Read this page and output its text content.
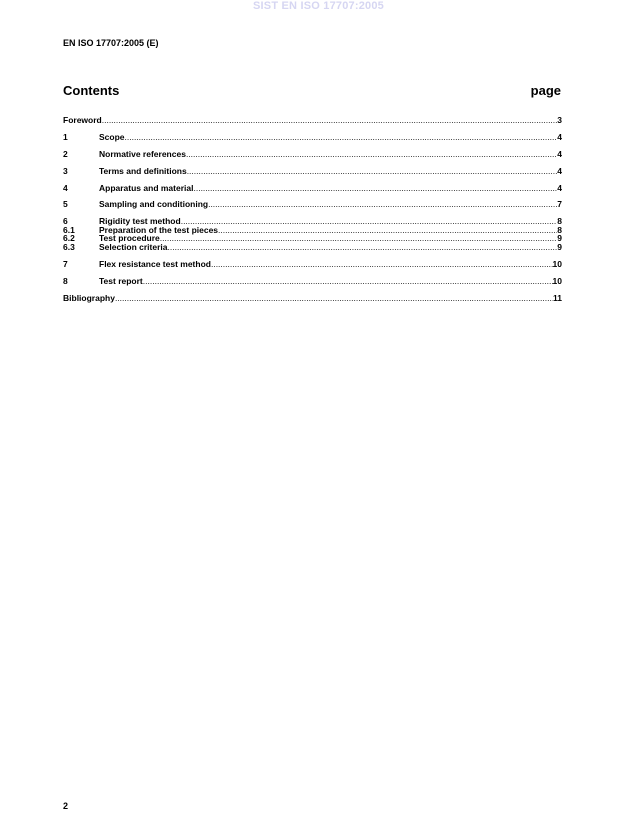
SIST EN ISO 17707:2005
EN ISO 17707:2005 (E)
Contents	page
Foreword .....	3
1	Scope .....	4
2	Normative references .....	4
3	Terms and definitions .....	4
4	Apparatus and material .....	4
5	Sampling and conditioning .....	7
6	Rigidity test method .....	8
6.1	Preparation of the test pieces .....	8
6.2	Test procedure .....	9
6.3	Selection criteria .....	9
7	Flex resistance test method .....	10
8	Test report .....	10
Bibliography .....	11
2
